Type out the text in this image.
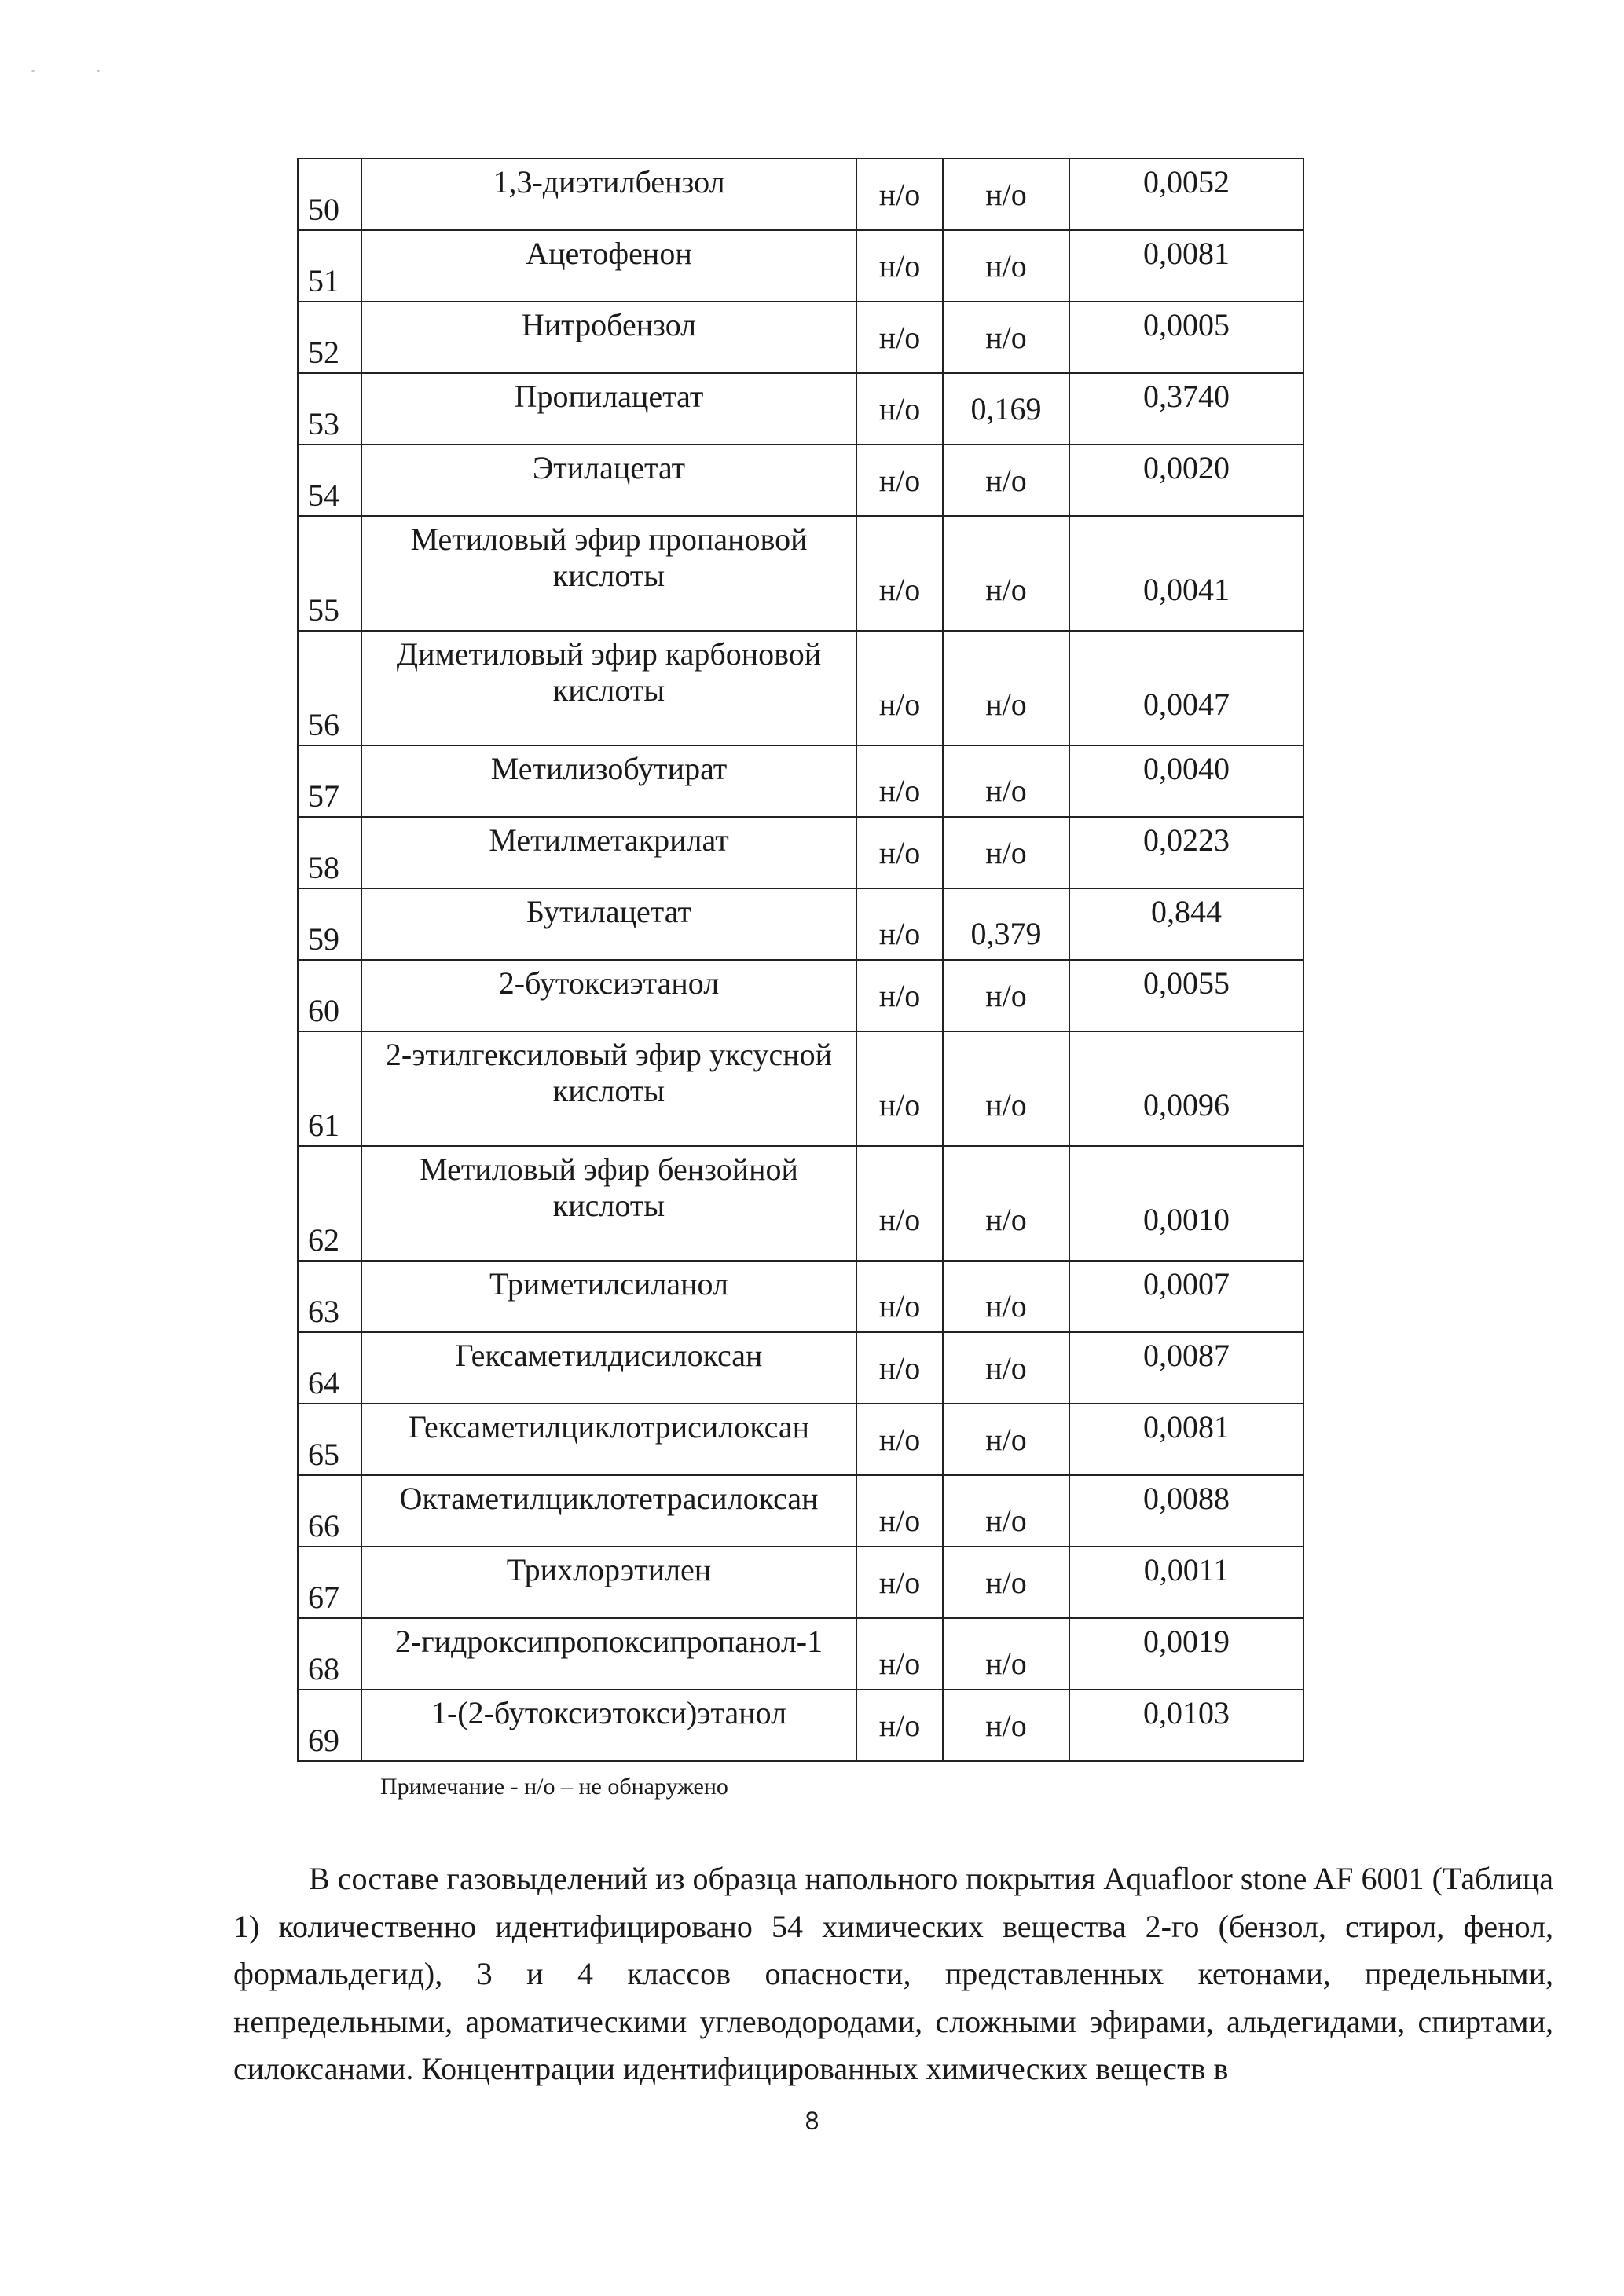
50	1,3-диэтилбензол	н/о	н/о	0,0052

51	Ацетофенон	н/о	н/о	0,0081

52	Нитробензол	н/о	н/о	0,0005

53	Пропилацетат	н/о	0,169	0,3740

54	Этилацетат	н/о	н/о	0,0020

55	Метиловый эфир пропановой кислоты	н/о	н/о	0,0041

56	Диметиловый эфир карбоновой кислоты	н/о	н/о	0,0047

57	Метилизобутират	н/о	н/о	0,0040

58	Метилметакрилат	н/о	н/о	0,0223

59	Бутилацетат	н/о	0,379	0,844

60	2-бутоксиэтанол	н/о	н/о	0,0055

61	2-этилгексиловый эфир уксусной кислоты	н/о	н/о	0,0096

62	Метиловый эфир бензойной кислоты	н/о	н/о	0,0010

63	Триметилсиланол	н/о	н/о	0,0007

64	Гексаметилдисилоксан	н/о	н/о	0,0087

65	Гексаметилциклотрисилоксан	н/о	н/о	0,0081

66	Октаметилциклотетрасилоксан	н/о	н/о	0,0088

67	Трихлорэтилен	н/о	н/о	0,0011

68	2-гидроксипропоксипропанол-1	н/о	н/о	0,0019

69	1-(2-бутоксиэтокси)этанол	н/о	н/о	0,0103
Примечание - н/о – не обнаружено
В составе газовыделений из образца напольного покрытия Aquafloor stone AF 6001 (Таблица 1) количественно идентифицировано 54 химических вещества 2-го (бензол, стирол, фенол, формальдегид), 3 и 4 классов опасности, представленных кетонами, предельными, непредельными, ароматическими углеводородами, сложными эфирами, альдегидами, спиртами, силоксанами. Концентрации идентифицированных химических веществ в
8
